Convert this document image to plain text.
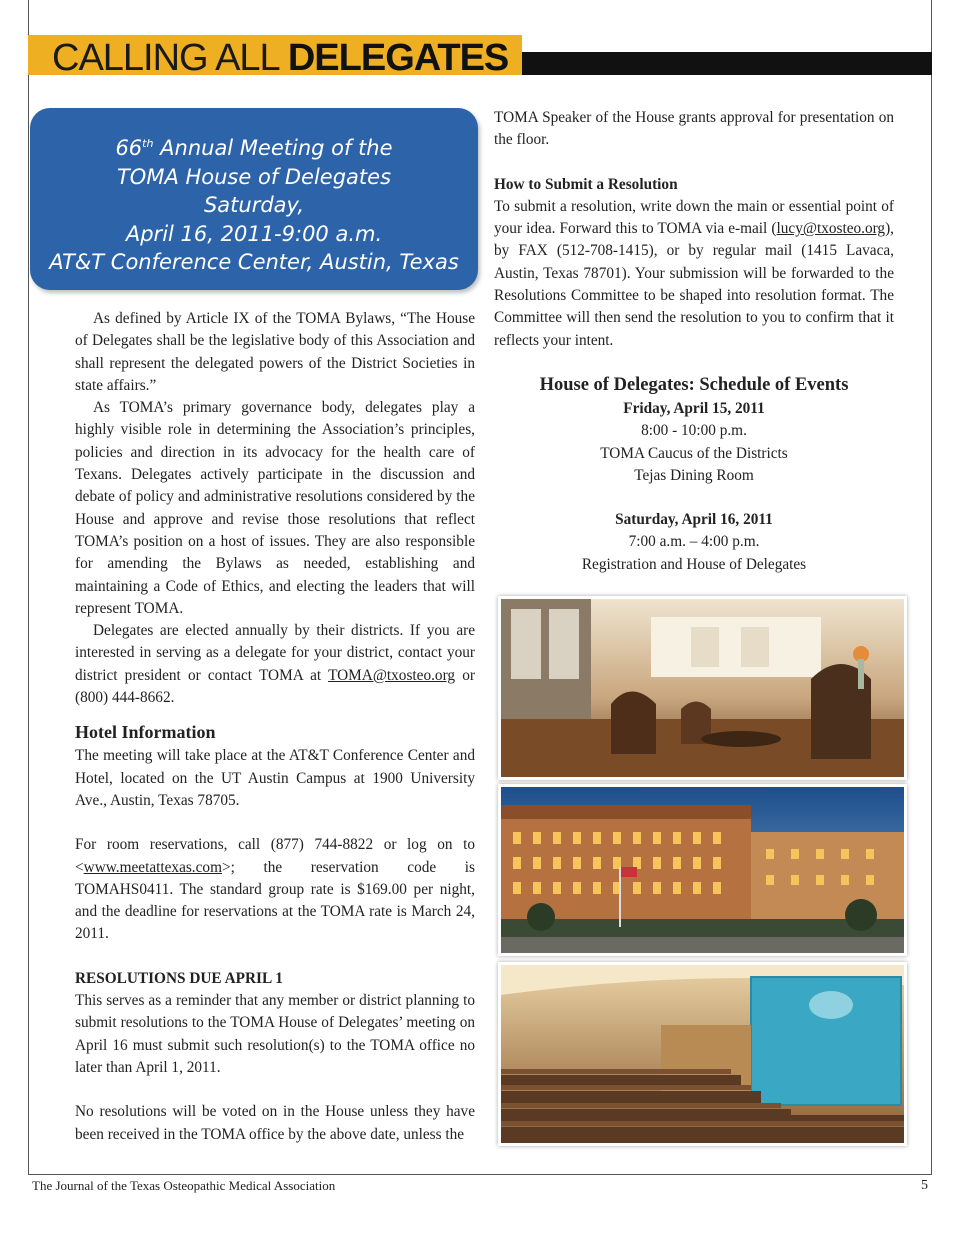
CALLING ALL DELEGATES
66th Annual Meeting of the
TOMA House of Delegates
Saturday,
April 16, 2011-9:00 a.m.
AT&T Conference Center, Austin, Texas

As defined by Article IX of the TOMA Bylaws, “The House of Delegates shall be the legislative body of this Association and shall represent the delegated powers of the District Societies in state affairs.”

As TOMA’s primary governance body, delegates play a highly visible role in determining the Association’s principles, policies and direction in its advocacy for the health care of Texans. Delegates actively participate in the discussion and debate of policy and administrative resolutions considered by the House and approve and revise those resolutions that reflect TOMA’s position on a host of issues. They are also responsible for amending the Bylaws as needed, establishing and maintaining a Code of Ethics, and electing the leaders that will represent TOMA.

Delegates are elected annually by their districts. If you are interested in serving as a delegate for your district, contact your district president or contact TOMA at TOMA@txosteo.org or (800) 444-8662.

Hotel Information

The meeting will take place at the AT&T Conference Center and Hotel, located on the UT Austin Campus at 1900 University Ave., Austin, Texas 78705.

For room reservations, call (877) 744-8822 or log on to <www.meetattexas.com>; the reservation code is TOMAHS0411. The standard group rate is $169.00 per night, and the deadline for reservations at the TOMA rate is March 24, 2011.

RESOLUTIONS DUE APRIL 1

This serves as a reminder that any member or district planning to submit resolutions to the TOMA House of Delegates’ meeting on April 16 must submit such resolution(s) to the TOMA office no later than April 1, 2011.

No resolutions will be voted on in the House unless they have been received in the TOMA office by the above date, unless the

TOMA Speaker of the House grants approval for presentation on the floor.

How to Submit a Resolution

To submit a resolution, write down the main or essential point of your idea. Forward this to TOMA via e-mail (lucy@txosteo.org), by FAX (512-708-1415), or by regular mail (1415 Lavaca, Austin, Texas 78701). Your submission will be forwarded to the Resolutions Committee to be shaped into resolution format. The Committee will then send the resolution to you to confirm that it reflects your intent.

House of Delegates: Schedule of Events

Friday, April 15, 2011

8:00 - 10:00 p.m.

TOMA Caucus of the Districts

Tejas Dining Room

Saturday, April 16, 2011

7:00 a.m. – 4:00 p.m.

Registration and House of Delegates

The Journal of the Texas Osteopathic Medical Association	5
